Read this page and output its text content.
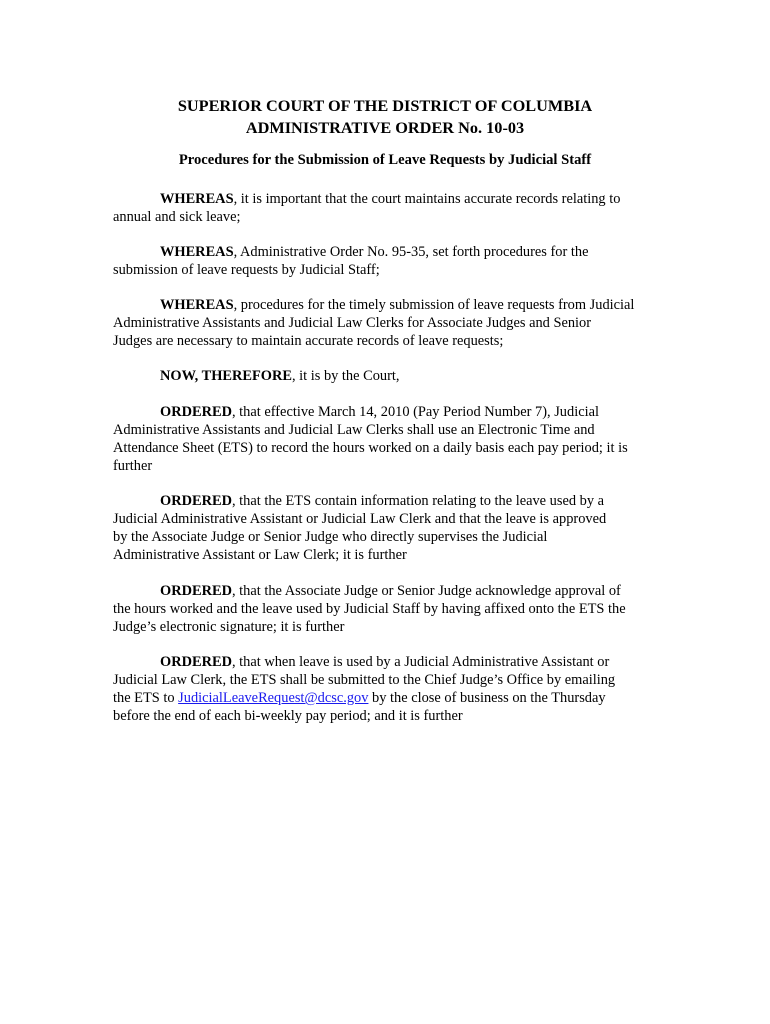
SUPERIOR COURT OF THE DISTRICT OF COLUMBIA
ADMINISTRATIVE ORDER No. 10-03
Procedures for the Submission of Leave Requests by Judicial Staff
WHEREAS, it is important that the court maintains accurate records relating to
annual and sick leave;
WHEREAS, Administrative Order No. 95-35, set forth procedures for the
submission of leave requests by Judicial Staff;
WHEREAS, procedures for the timely submission of leave requests from Judicial
Administrative Assistants and Judicial Law Clerks for Associate Judges and Senior
Judges are necessary to maintain accurate records of leave requests;
NOW, THEREFORE, it is by the Court,
ORDERED, that effective March 14, 2010 (Pay Period Number 7), Judicial
Administrative Assistants and Judicial Law Clerks shall use an Electronic Time and
Attendance Sheet (ETS) to record the hours worked on a daily basis each pay period; it is
further
ORDERED, that the ETS contain information relating to the leave used by a
Judicial Administrative Assistant or Judicial Law Clerk and that the leave is approved
by the Associate Judge or Senior Judge who directly supervises the Judicial
Administrative Assistant or Law Clerk; it is further
ORDERED, that the Associate Judge or Senior Judge acknowledge approval of
the hours worked and the leave used by Judicial Staff by having affixed onto the ETS the
Judge’s electronic signature; it is further
ORDERED, that when leave is used by a Judicial Administrative Assistant or
Judicial Law Clerk, the ETS shall be submitted to the Chief Judge’s Office by emailing
the ETS to JudicialLeaveRequest@dcsc.gov by the close of business on the Thursday
before the end of each bi-weekly pay period; and it is further
